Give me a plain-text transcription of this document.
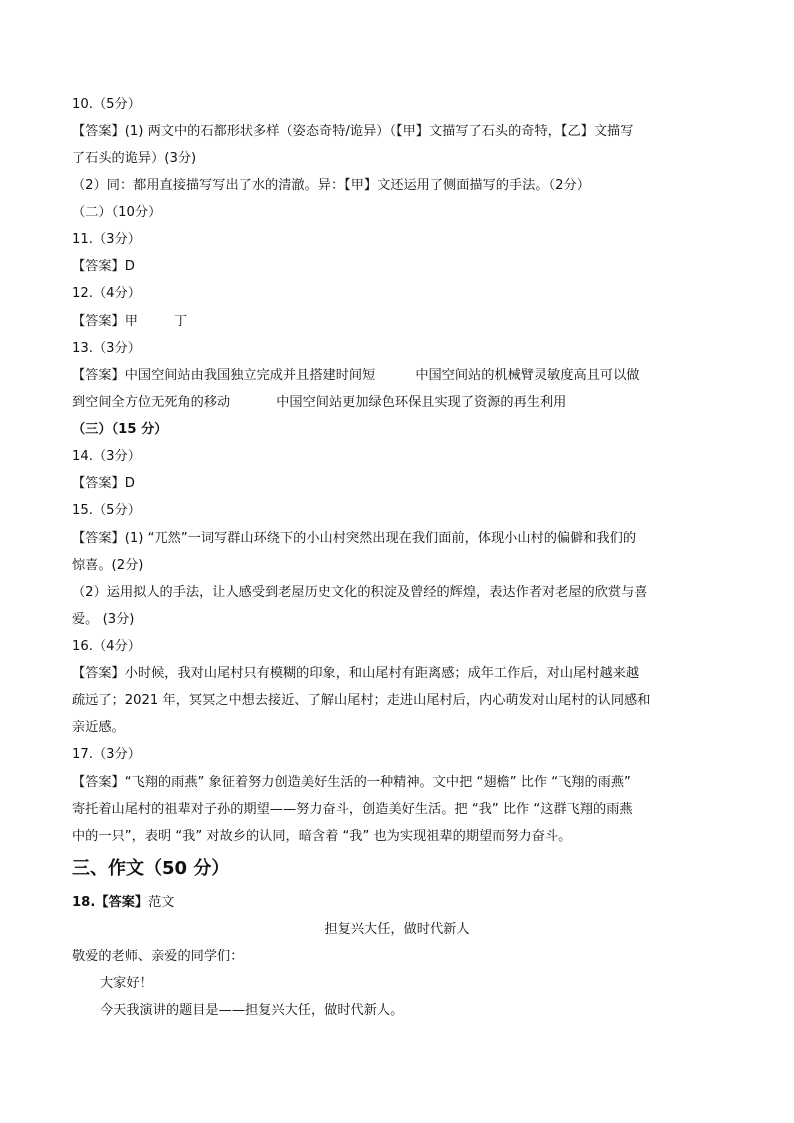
10.（5分）
【答案】(1) 两文中的石都形状多样（姿态奇特/诡异）（【甲】文描写了石头的奇特，【乙】文描写
了石头的诡异）(3分)
（2）同：都用直接描写写出了水的清澈。异：【甲】文还运用了侧面描写的手法。（2分）
（二）（10分）
11.（3分）
【答案】D
12.（4分）
【答案】甲	丁
13.（3分）
【答案】中国空间站由我国独立完成并且搭建时间短	中国空间站的机械臂灵敏度高且可以做
到空间全方位无死角的移动	中国空间站更加绿色环保且实现了资源的再生利用
（三）（15 分）
14.（3分）
【答案】D
15.（5分）
【答案】(1) “兀然”一词写群山环绕下的小山村突然出现在我们面前，体现小山村的偏僻和我们的
惊喜。(2分)
（2）运用拟人的手法，让人感受到老屋历史文化的积淀及曾经的辉煌，表达作者对老屋的欣赏与喜
爱。 (3分)
16.（4分）
【答案】小时候，我对山尾村只有模糊的印象，和山尾村有距离感；成年工作后，对山尾村越来越
疏远了；2021 年，冥冥之中想去接近、了解山尾村；走进山尾村后，内心萌发对山尾村的认同感和
亲近感。
17.（3分）
【答案】“飞翔的雨燕” 象征着努力创造美好生活的一种精神。文中把 “翅檐” 比作 “飞翔的雨燕”
寄托着山尾村的祖辈对子孙的期望——努力奋斗，创造美好生活。把 “我” 比作 “这群飞翔的雨燕
中的一只”，表明 “我” 对故乡的认同，暗含着 “我” 也为实现祖辈的期望而努力奋斗。
三、作文（50 分）
18.【答案】范文
担复兴大任，做时代新人
敬爱的老师、亲爱的同学们：
大家好！
今天我演讲的题目是——担复兴大任，做时代新人。
